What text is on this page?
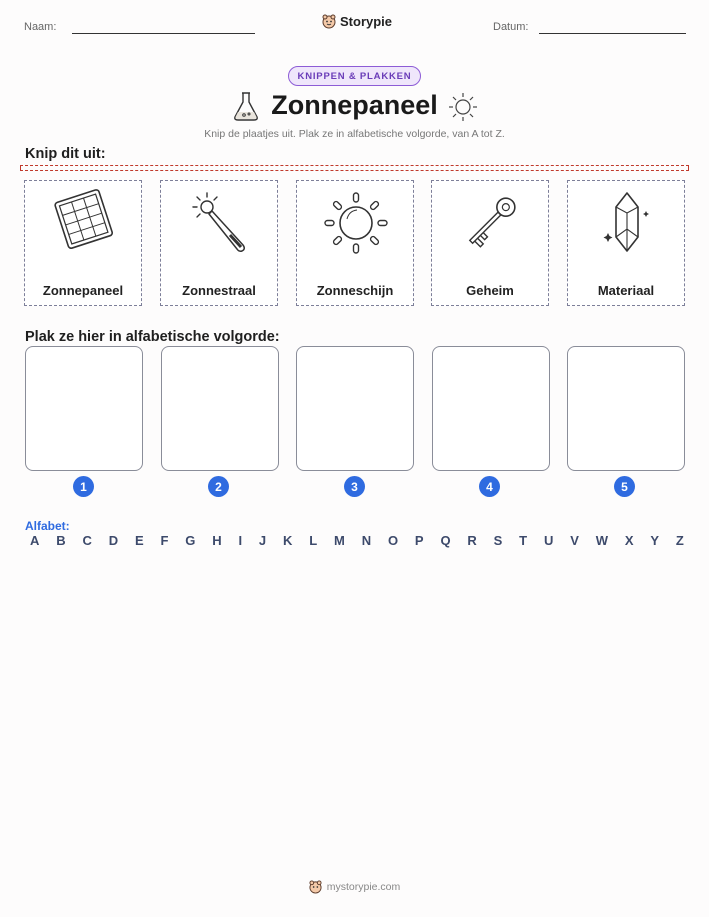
Naam:	Storypie	Datum:
KNIPPEN & PLAKKEN
Zonnepaneel
Knip de plaatjes uit. Plak ze in alfabetische volgorde, van A tot Z.
Knip dit uit:
Zonnepaneel	Zonnestraal	Zonneschijn	Geheim	Materiaal
Plak ze hier in alfabetische volgorde:
1	2	3	4	5
Alfabet:
A B C D E F G H I J K L M N O P Q R S T U V W X Y Z
mystorypie.com
